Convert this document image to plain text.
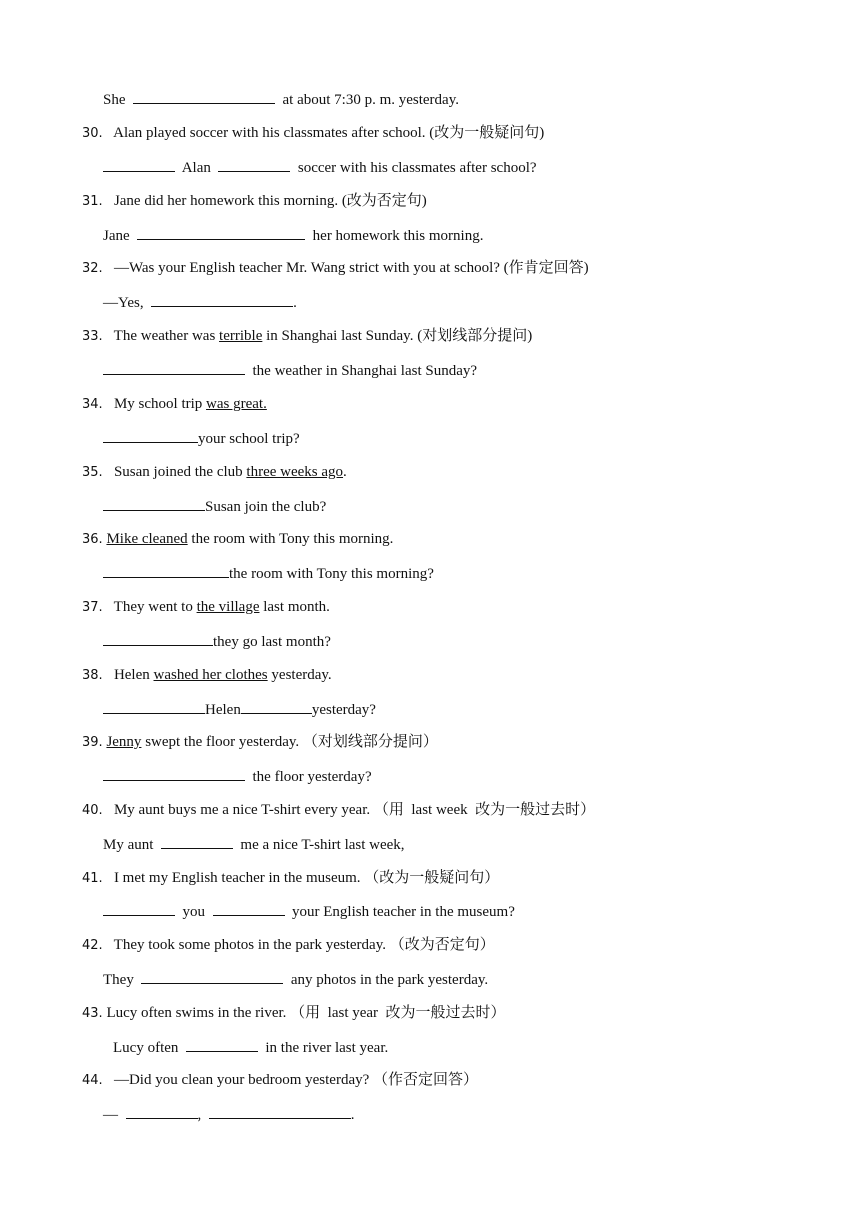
She	at about 7:30 p. m. yesterday.
30. Alan played soccer with his classmates after school. (改为一般疑问句)
Alan	soccer with his classmates after school?
31. Jane did her homework this morning. (改为否定句)
Jane	her homework this morning.
32. —Was your English teacher Mr. Wang strict with you at school? (作肯定回答)
—Yes,	.
33. The weather was terrible in Shanghai last Sunday. (对划线部分提问)
the weather in Shanghai last Sunday?
34. My school trip was great.
your school trip?
35. Susan joined the club three weeks ago.
Susan join the club?
36. Mike cleaned the room with Tony this morning.
the room with Tony this morning?
37. They went to the village last month.
they go last month?
38. Helen washed her clothes yesterday.
Helen	yesterday?
39. Jenny swept the floor yesterday. （对划线部分提问）
the floor yesterday?
40. My aunt buys me a nice T-shirt every year. （用  last week  改为一般过去时）
My aunt	me a nice T-shirt last week,
41. I met my English teacher in the museum. （改为一般疑问句）
you	your English teacher in the museum?
42. They took some photos in the park yesterday. （改为否定句）
They	any photos in the park yesterday.
43. Lucy often swims in the river. （用  last year  改为一般过去时）
Lucy often	in the river last year.
44. —Did you clean your bedroom yesterday? （作否定回答）
—	,	.
